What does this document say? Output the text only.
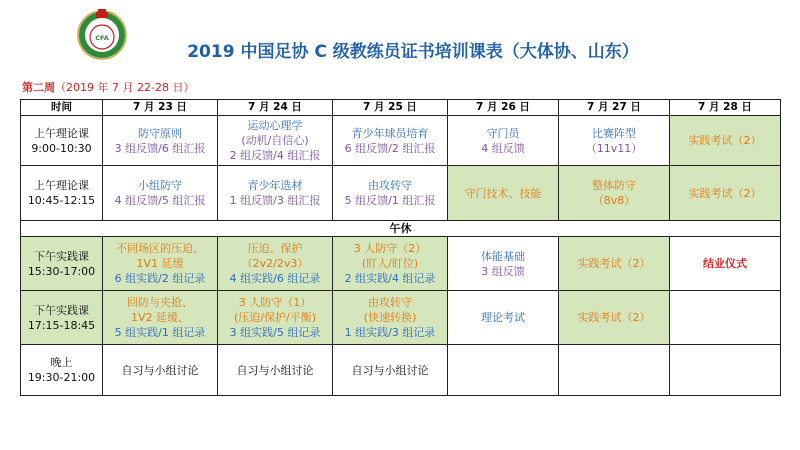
CFA
2019 中国足协 C 级教练员证书培训课表（大体协、山东）
第二周（2019 年 7 月 22-28 日）
时间	7 月 23 日	7 月 24 日	7 月 25 日	7 月 26 日	7 月 27 日	7 月 28 日

上午理论课
9:00-10:30	防守原则
3 组反馈/6 组汇报	运动心理学
(动机/自信心)
2 组反馈/4 组汇报	青少年球员培育
6 组反馈/2 组汇报	守门员
4 组反馈	比赛阵型
（11v11）	实践考试（2）

上午理论课
10:45-12:15	小组防守
4 组反馈/5 组汇报	青少年选材
1 组反馈/3 组汇报	由攻转守
5 组反馈/1 组汇报	守门技术、技能	整体防守
（8v8）	实践考试（2）

午休						

下午实践课
15:30-17:00	不同场区的压迫、
1V1 延缓
6 组实践/2 组记录	压迫、保护
（2v2/2v3）
4 组实践/6 组记录	3 人防守（2）
(盯人/盯位)
2 组实践/4 组记录	体能基础
3 组反馈	实践考试（2）	结业仪式

下午实践课
17:15-18:45	回防与夹抢、
1V2 延缓、
5 组实践/1 组记录	3 人防守（1）
(压迫/保护/平衡)
3 组实践/5 组记录	由攻转守
(快速转换)
1 组实践/3 组记录	理论考试	实践考试（2）	

晚上
19:30-21:00	自习与小组讨论	自习与小组讨论	自习与小组讨论			
